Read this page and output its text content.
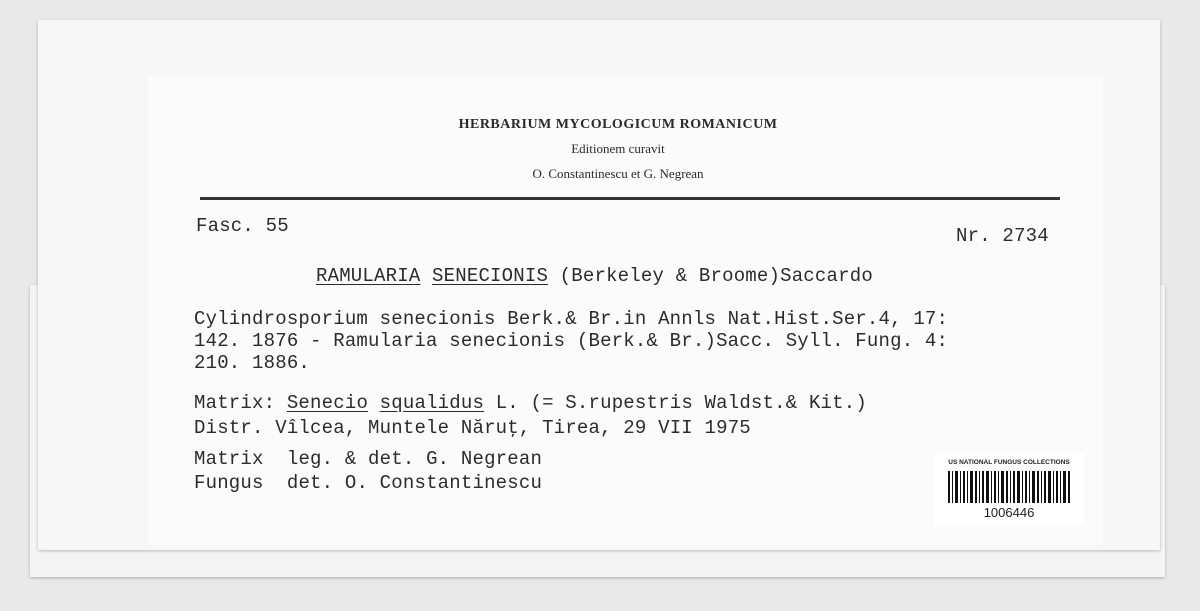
HERBARIUM MYCOLOGICUM ROMANICUM
Editionem curavit
O. Constantinescu et G. Negrean
Fasc. 55	Nr. 2734
RAMULARIA SENECIONIS (Berkeley & Broome)Saccardo
Cylindrosporium senecionis Berk.& Br.in Annls Nat.Hist.Ser.4, 17:
142. 1876 - Ramularia senecionis (Berk.& Br.)Sacc. Syll. Fung. 4:
210. 1886.
Matrix: Senecio squalidus L. (= S.rupestris Waldst.& Kit.)
Distr. Vîlcea, Muntele Năruţ, Tirea, 29 VII 1975
Matrix leg. & det. G. Negrean
Fungus det. O. Constantinescu
US NATIONAL FUNGUS COLLECTIONS
1006446
